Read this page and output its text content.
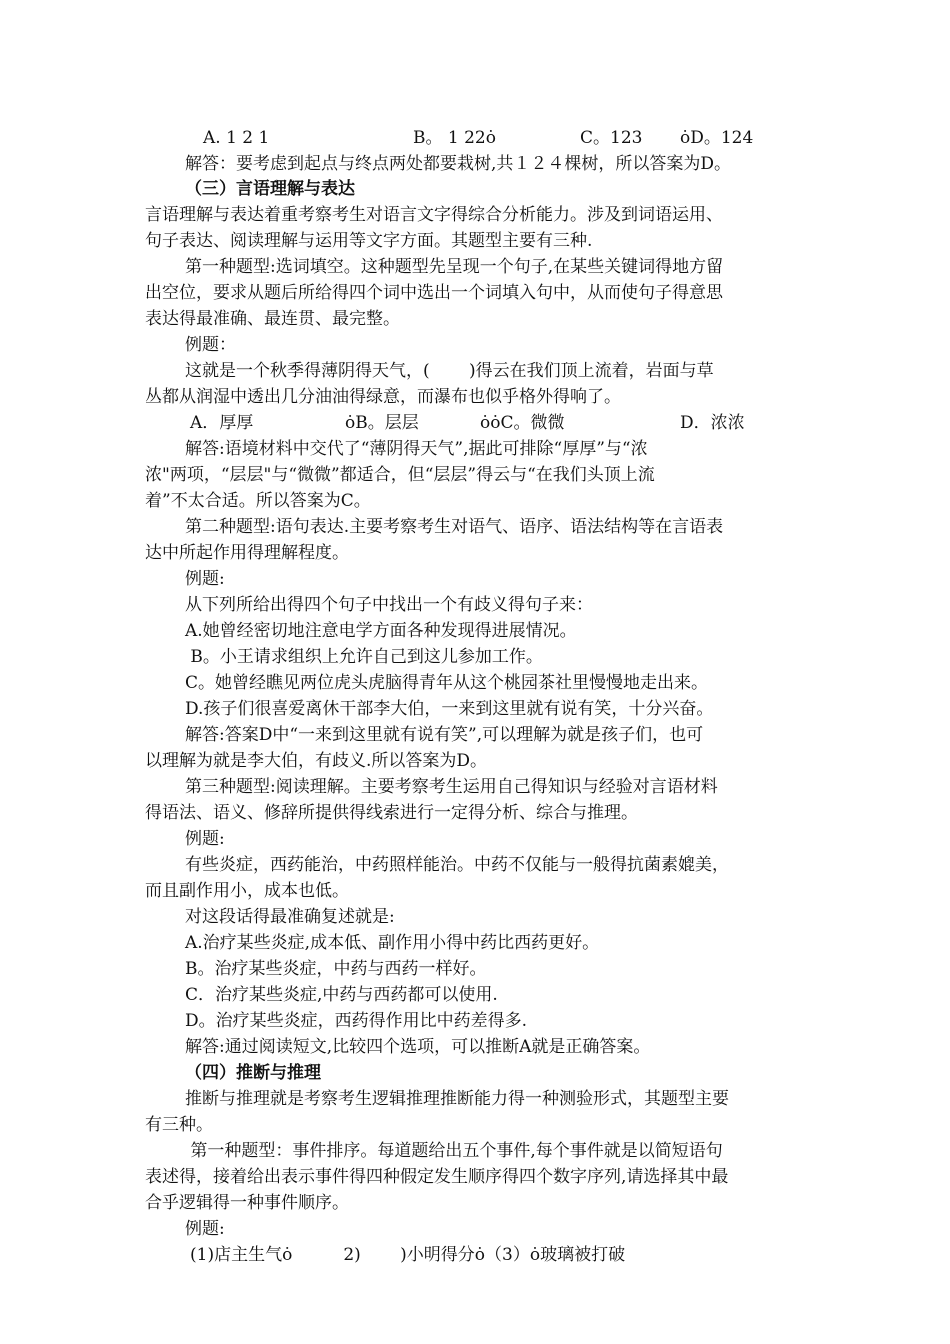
A. 1 2 1	B。 1 22ȯ	C。123 ȯD。124
解答：要考虑到起点与终点两处都要栽树,共１２４棵树，所以答案为D。
（三）言语理解与表达
言语理解与表达着重考察考生对语言文字得综合分析能力。涉及到词语运用、
句子表达、阅读理解与运用等文字方面。其题型主要有三种.
第一种题型:选词填空。这种题型先呈现一个句子,在某些关键词得地方留
出空位，要求从题后所给得四个词中选出一个词填入句中，从而使句子得意思
表达得最准确、最连贯、最完整。
例题：
这就是一个秋季得薄阴得天气，(　　 )得云在我们顶上流着，岩面与草
丛都从润湿中透出几分油油得绿意，而瀑布也似乎格外得响了。
A．厚厚	ȯB。层层	ȯȯC。微微	D．浓浓
解答:语境材料中交代了“薄阴得天气”,据此可排除“厚厚”与“浓
浓"两项，“层层"与“微微”都适合，但“层层”得云与“在我们头顶上流
着”不太合适。所以答案为C。
第二种题型:语句表达.主要考察考生对语气、语序、语法结构等在言语表
达中所起作用得理解程度。
例题:
从下列所给出得四个句子中找出一个有歧义得句子来：
A.她曾经密切地注意电学方面各种发现得进展情况。
B。小王请求组织上允许自己到这儿参加工作。
C。她曾经瞧见两位虎头虎脑得青年从这个桃园茶社里慢慢地走出来。
D.孩子们很喜爱离休干部李大伯，一来到这里就有说有笑，十分兴奋。
解答:答案D中“一来到这里就有说有笑”,可以理解为就是孩子们，也可
以理解为就是李大伯，有歧义.所以答案为D。
第三种题型:阅读理解。主要考察考生运用自己得知识与经验对言语材料
得语法、语义、修辞所提供得线索进行一定得分析、综合与推理。
例题:
有些炎症，西药能治，中药照样能治。中药不仅能与一般得抗菌素媲美，
而且副作用小，成本也低。
对这段话得最准确复述就是:
A.治疗某些炎症,成本低、副作用小得中药比西药更好。
B。治疗某些炎症，中药与西药一样好。
C．治疗某些炎症,中药与西药都可以使用.
D。治疗某些炎症，西药得作用比中药差得多.
解答:通过阅读短文,比较四个选项，可以推断A就是正确答案。
（四）推断与推理
推断与推理就是考察考生逻辑推理推断能力得一种测验形式，其题型主要
有三种。
第一种题型：事件排序。每道题给出五个事件,每个事件就是以简短语句
表述得，接着给出表示事件得四种假定发生顺序得四个数字序列,请选择其中最
合乎逻辑得一种事件顺序。
例题:
(1)店主生气ȯ　　　2)　　 )小明得分ȯ（3）ȯ玻璃被打破
